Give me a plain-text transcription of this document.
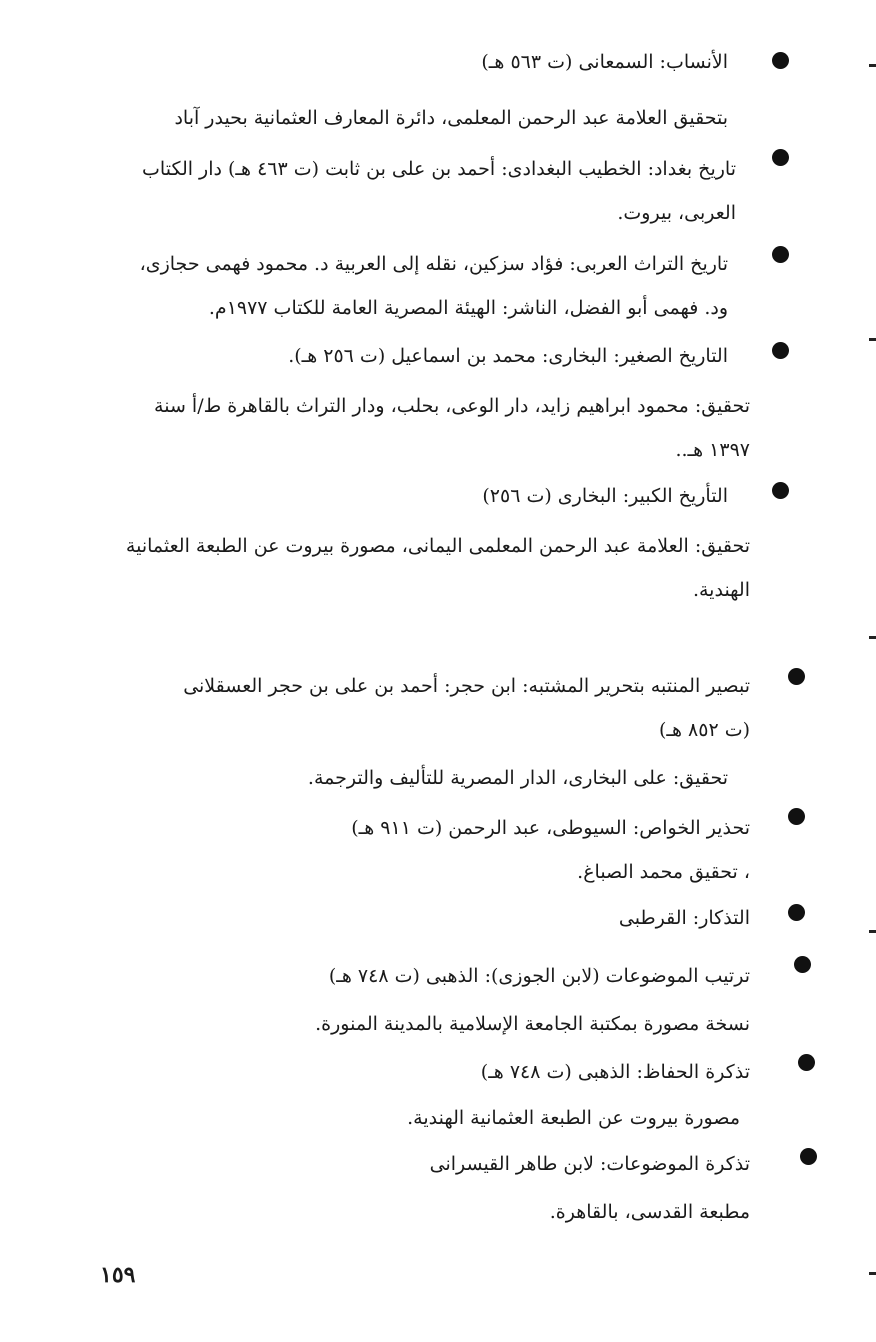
الأنساب: السمعانى (ت ٥٦٣ هـ)
بتحقيق العلامة عبد الرحمن المعلمى، دائرة المعارف العثمانية بحيدر آباد
تاريخ بغداد: الخطيب البغدادى: أحمد بن على بن ثابت (ت ٤٦٣ هـ) دار الكتاب
العربى، بيروت.
تاريخ التراث العربى: فؤاد سزكين، نقله إلى العربية د. محمود فهمى حجازى،
ود. فهمى أبو الفضل، الناشر: الهيئة المصرية العامة للكتاب ١٩٧٧م.
التاريخ الصغير: البخارى: محمد بن اسماعيل (ت ٢٥٦ هـ).
تحقيق: محمود ابراهيم زايد، دار الوعى، بحلب، ودار التراث بالقاهرة ط/أ سنة
١٣٩٧ هـ..
التأريخ الكبير: البخارى (ت ٢٥٦)
تحقيق: العلامة عبد الرحمن المعلمى اليمانى، مصورة بيروت عن الطبعة العثمانية
الهندية.
تبصير المنتبه بتحرير المشتبه: ابن حجر: أحمد بن على بن حجر العسقلانى
(ت ٨٥٢ هـ)
تحقيق: على البخارى، الدار المصرية للتأليف والترجمة.
تحذير الخواص: السيوطى، عبد الرحمن (ت ٩١١ هـ)
، تحقيق محمد الصباغ.
التذكار: القرطبى
ترتيب الموضوعات (لابن الجوزى): الذهبى (ت ٧٤٨ هـ)
نسخة مصورة بمكتبة الجامعة الإسلامية بالمدينة المنورة.
تذكرة الحفاظ: الذهبى (ت ٧٤٨ هـ)
مصورة بيروت عن الطبعة العثمانية الهندية.
تذكرة الموضوعات: لابن طاهر القيسرانى
مطبعة القدسى، بالقاهرة.
١٥٩
